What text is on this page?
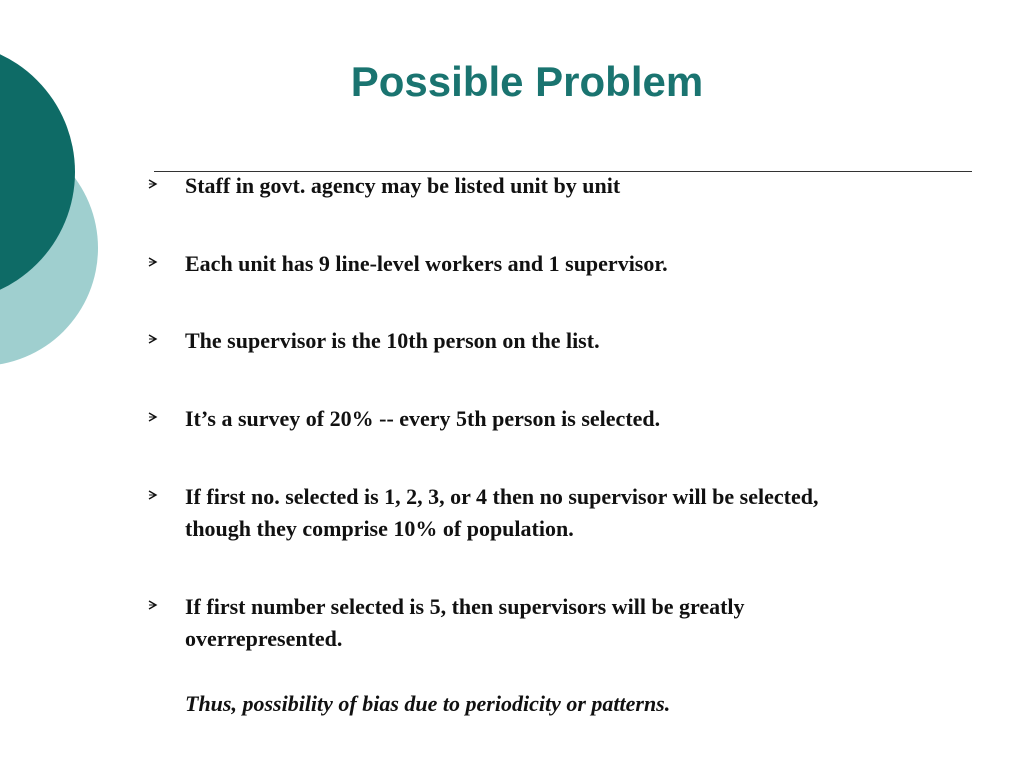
Possible Problem
Staff in govt. agency may be listed unit by unit
Each unit has 9 line-level workers and 1 supervisor.
The supervisor is the 10th person on the list.
It’s a survey of 20% -- every 5th person is selected.
If first no. selected is 1, 2, 3, or 4 then no supervisor will be selected, though they comprise 10% of population.
If first number selected is 5, then supervisors will be greatly overrepresented.

Thus, possibility of bias due to periodicity or patterns.
